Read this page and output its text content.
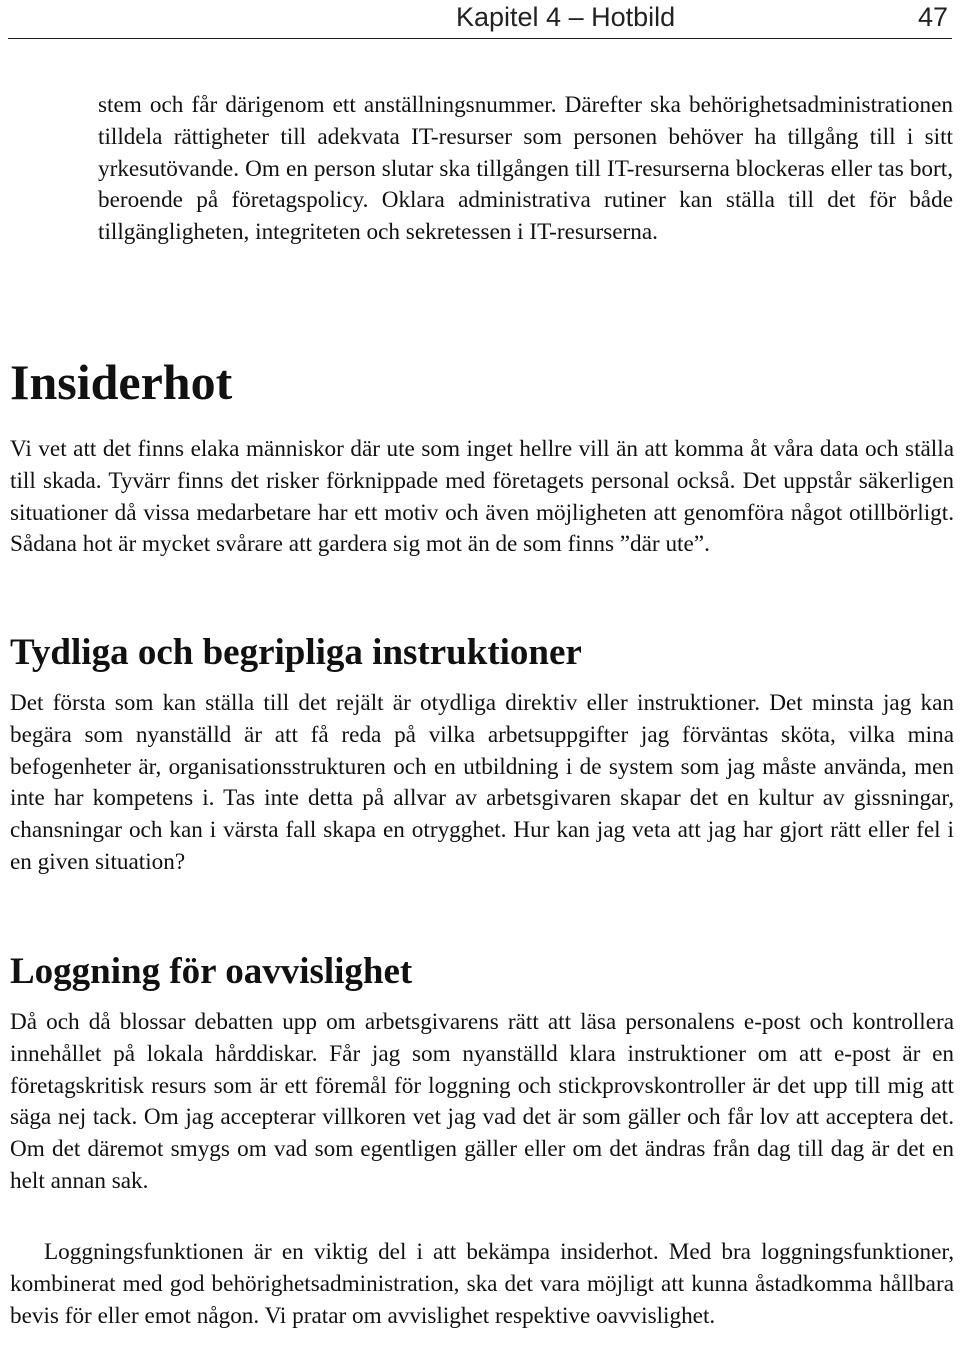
Kapitel 4 – Hotbild	47

stem och får därigenom ett anställningsnummer. Därefter ska behörighetsadministrationen tilldela rättigheter till adekvata IT-resurser som personen behöver ha tillgång till i sitt yrkesutövande. Om en person slutar ska tillgången till IT-resurserna blockeras eller tas bort, beroende på företagspolicy. Oklara administrativa rutiner kan ställa till det för både tillgängligheten, integriteten och sekretessen i IT-resurserna.

Insiderhot

Vi vet att det finns elaka människor där ute som inget hellre vill än att komma åt våra data och ställa till skada. Tyvärr finns det risker förknippade med företagets personal också. Det uppstår säkerligen situationer då vissa medarbetare har ett motiv och även möjligheten att genomföra något otillbörligt. Sådana hot är mycket svårare att gardera sig mot än de som finns ”där ute”.

Tydliga och begripliga instruktioner

Det första som kan ställa till det rejält är otydliga direktiv eller instruktioner. Det minsta jag kan begära som nyanställd är att få reda på vilka arbetsuppgifter jag förväntas sköta, vilka mina befogenheter är, organisationsstrukturen och en utbildning i de system som jag måste använda, men inte har kompetens i. Tas inte detta på allvar av arbetsgivaren skapar det en kultur av gissningar, chansningar och kan i värsta fall skapa en otrygghet. Hur kan jag veta att jag har gjort rätt eller fel i en given situation?

Loggning för oavvislighet

Då och då blossar debatten upp om arbetsgivarens rätt att läsa personalens e-post och kontrollera innehållet på lokala hårddiskar. Får jag som nyanställd klara instruktioner om att e-post är en företagskritisk resurs som är ett föremål för loggning och stickprovskontroller är det upp till mig att säga nej tack. Om jag accepterar villkoren vet jag vad det är som gäller och får lov att acceptera det. Om det däremot smygs om vad som egentligen gäller eller om det ändras från dag till dag är det en helt annan sak.

Loggningsfunktionen är en viktig del i att bekämpa insiderhot. Med bra loggningsfunktioner, kombinerat med god behörighetsadministration, ska det vara möjligt att kunna åstadkomma hållbara bevis för eller emot någon. Vi pratar om avvislighet respektive oavvislighet.
